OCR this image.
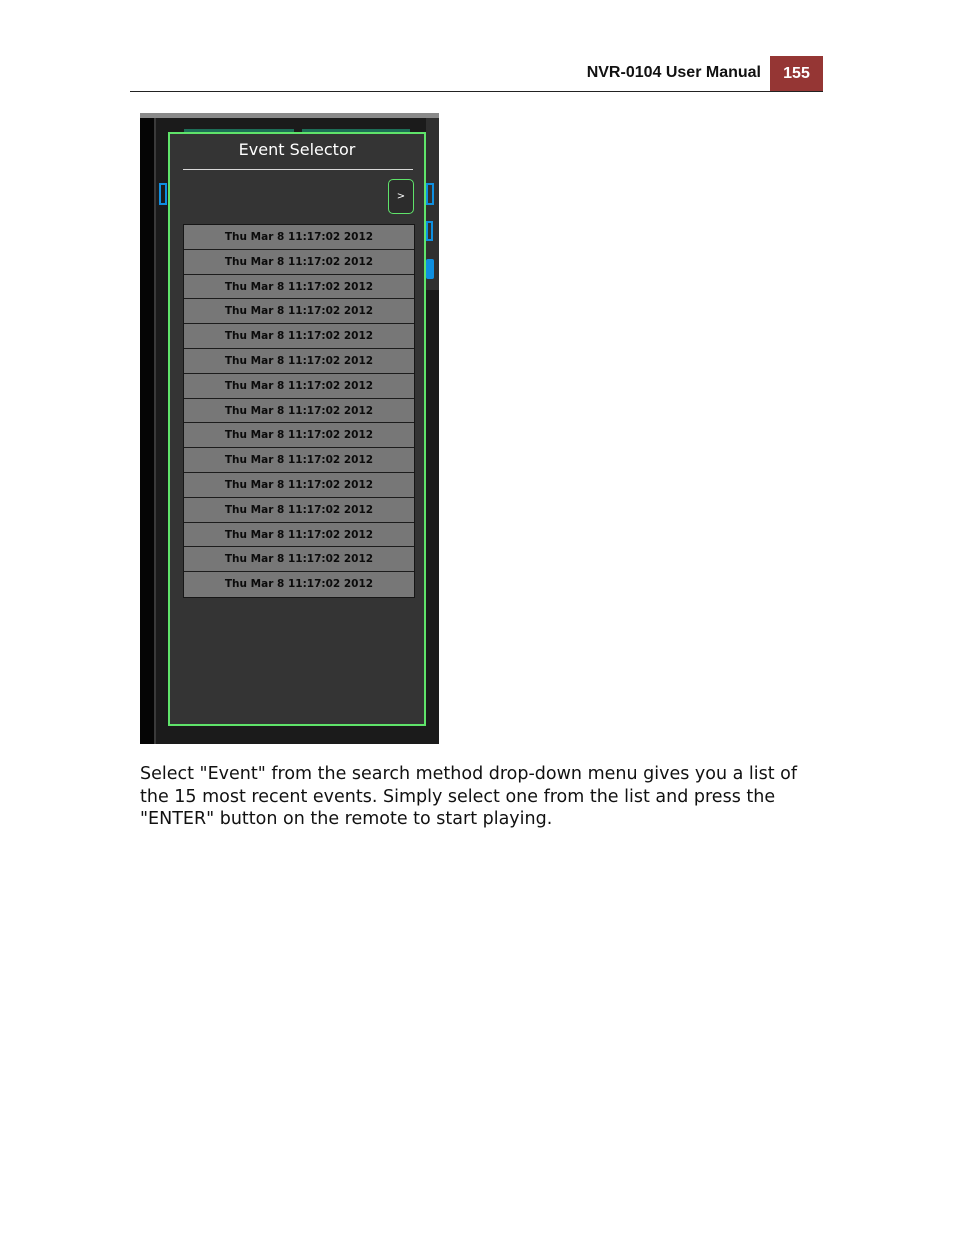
NVR-0104 User Manual	155
Event Selector
>
Thu Mar 8 11:17:02 2012
Thu Mar 8 11:17:02 2012
Thu Mar 8 11:17:02 2012
Thu Mar 8 11:17:02 2012
Thu Mar 8 11:17:02 2012
Thu Mar 8 11:17:02 2012
Thu Mar 8 11:17:02 2012
Thu Mar 8 11:17:02 2012
Thu Mar 8 11:17:02 2012
Thu Mar 8 11:17:02 2012
Thu Mar 8 11:17:02 2012
Thu Mar 8 11:17:02 2012
Thu Mar 8 11:17:02 2012
Thu Mar 8 11:17:02 2012
Thu Mar 8 11:17:02 2012

Select "Event" from the search method drop-down menu gives you a list of the 15 most recent events. Simply select one from the list and press the "ENTER" button on the remote to start playing.
